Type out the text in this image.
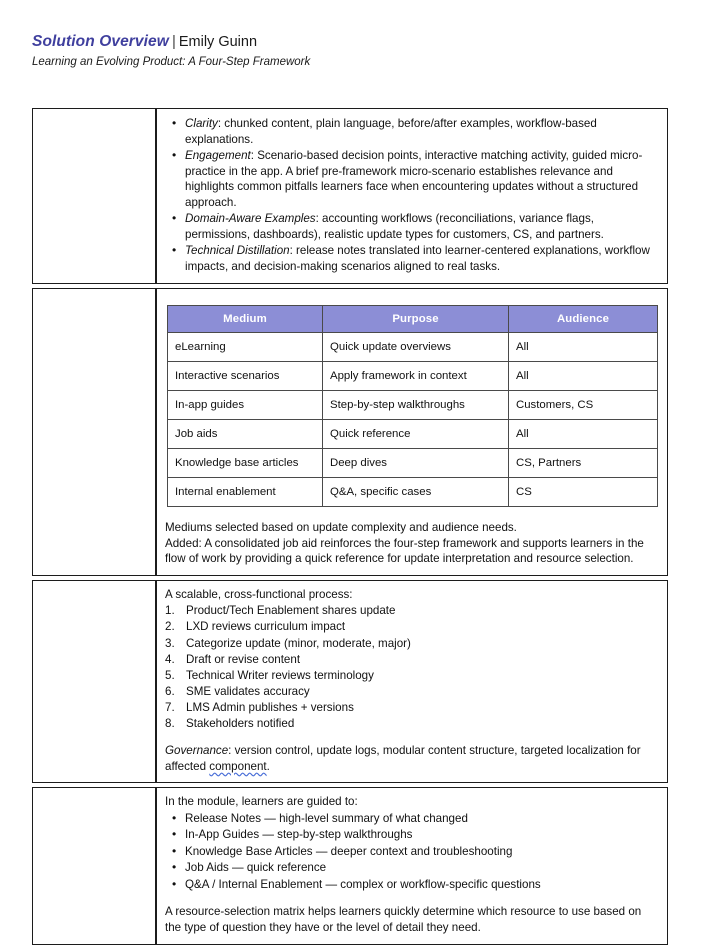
Solution Overview | Emily Guinn
Learning an Evolving Product: A Four-Step Framework
Content Strategy	
•Clarity: chunked content, plain language, before/after examples, workflow-based explanations.
• Engagement: Scenario-based decision points, interactive matching activity, guided micro-practice in the app. A brief pre-framework micro-scenario establishes relevance and highlights common pitfalls learners face when encountering updates without a structured approach.
• Domain-Aware Examples: accounting workflows (reconciliations, variance flags, permissions, dashboards), realistic update types for customers, CS, and partners.
• Technical Distillation: release notes translated into learner-centered explanations, workflow impacts, and decision-making scenarios aligned to real tasks.

Medium Types	
Medium	Purpose	Audience
eLearning	Quick update overviews	All
Interactive scenarios	Apply framework in context	All
In-app guides	Step-by-step walkthroughs	Customers, CS
Job aids	Quick reference	All
Knowledge base articles	Deep dives	CS, Partners
Internal enablement	Q&A, specific cases	CS
Mediums selected based on update complexity and audience needs.
Added: A consolidated job aid reinforces the four-step framework and supports learners in the flow of work by providing a quick reference for update interpretation and resource selection.

Update Workflow	A scalable, cross-functional process:
Product/Tech Enablement shares update
LXD reviews curriculum impact
Categorize update (minor, moderate, major)
Draft or revise content
Technical Writer reviews terminology
SME validates accuracy
LMS Admin publishes + versions
Stakeholders notified
Governance: version control, update logs, modular content structure, targeted localization for affected component.

Resource Ecosystem	
In the module, learners are guided to:
• Release Notes — high-level summary of what changed
• In-App Guides — step-by-step walkthroughs
• Knowledge Base Articles — deeper context and troubleshooting
• Job Aids — quick reference
• Q&A / Internal Enablement — complex or workflow-specific questions
A resource-selection matrix helps learners quickly determine which resource to use based on the type of question they have or the level of detail they need.
